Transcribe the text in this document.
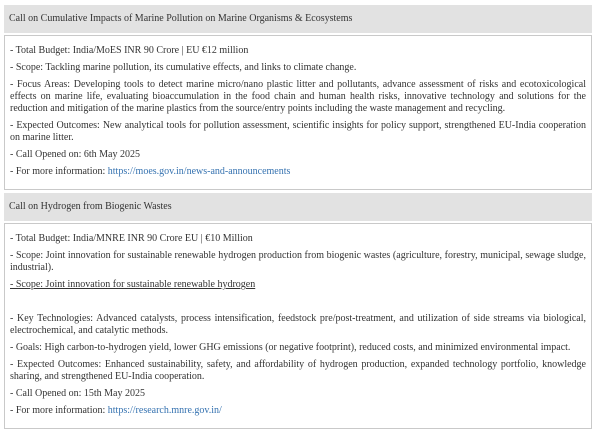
Call on Cumulative Impacts of Marine Pollution on Marine Organisms & Ecosystems

- Total Budget: India/MoES INR 90 Crore | EU €12 million

- Scope: Tackling marine pollution, its cumulative effects, and links to climate change.

- Focus Areas: Developing tools to detect marine micro/nano plastic litter and pollutants, advance assessment of risks and ecotoxicological effects on marine life, evaluating bioaccumulation in the food chain and human health risks, innovative technology and solutions for the reduction and mitigation of the marine plastics from the source/entry points including the waste management and recycling.

- Expected Outcomes: New analytical tools for pollution assessment, scientific insights for policy support, strengthened EU-India cooperation on marine litter.

- Call Opened on: 6th May 2025

- For more information: https://moes.gov.in/news-and-announcements

Call on Hydrogen from Biogenic Wastes

- Total Budget: India/MNRE INR 90 Crore EU | €10 Million

- Scope: Joint innovation for sustainable renewable hydrogen production from biogenic wastes (agriculture, forestry, municipal, sewage sludge, industrial).

- Scope: Joint innovation for sustainable renewable hydrogen

- Key Technologies: Advanced catalysts, process intensification, feedstock pre/post-treatment, and utilization of side streams via biological, electrochemical, and catalytic methods.

- Goals: High carbon-to-hydrogen yield, lower GHG emissions (or negative footprint), reduced costs, and minimized environmental impact.

- Expected Outcomes: Enhanced sustainability, safety, and affordability of hydrogen production, expanded technology portfolio, knowledge sharing, and strengthened EU-India cooperation.

- Call Opened on: 15th May 2025

- For more information: https://research.mnre.gov.in/
